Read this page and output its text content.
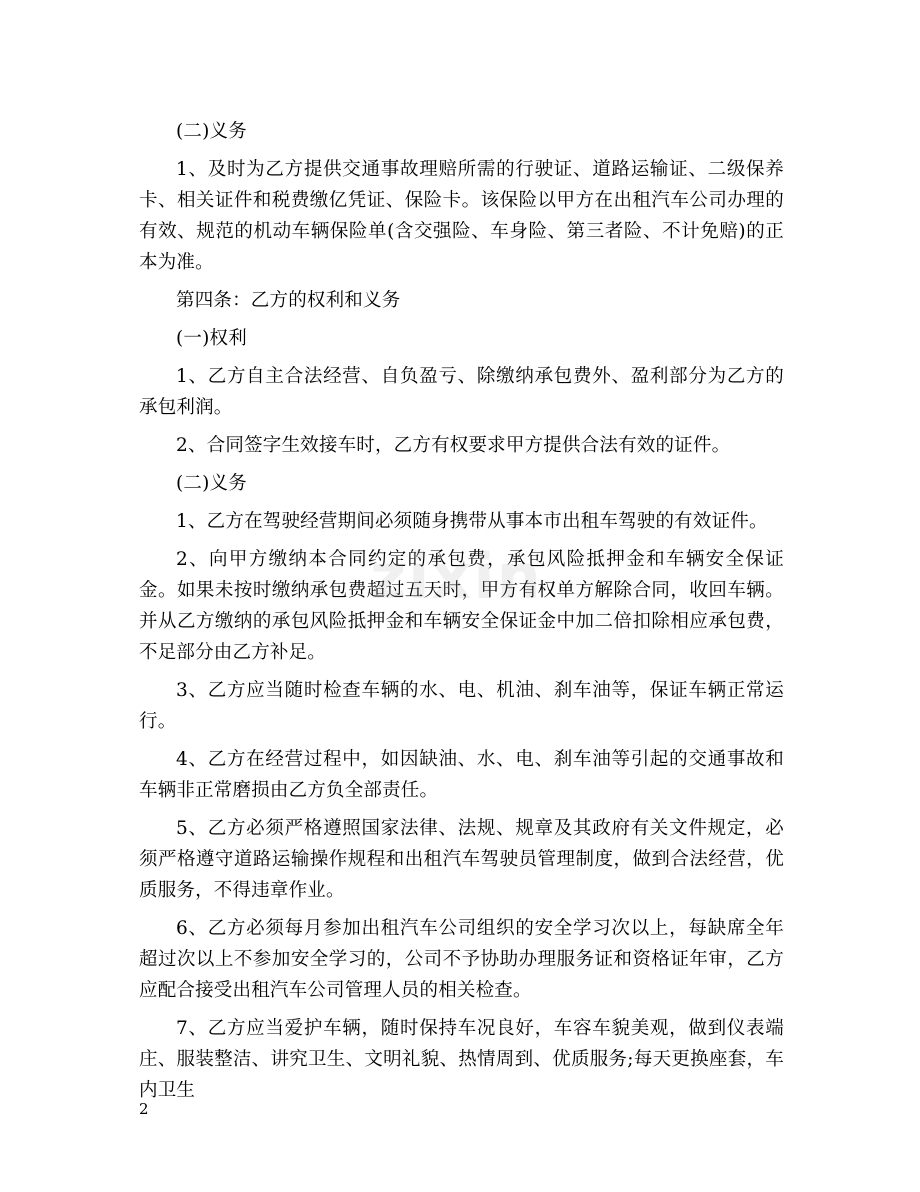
(二)义务

1、及时为乙方提供交通事故理赔所需的行驶证、道路运输证、二级保养卡、相关证件和税费缴亿凭证、保险卡。该保险以甲方在出租汽车公司办理的有效、规范的机动车辆保险单(含交强险、车身险、第三者险、不计免赔)的正本为准。

第四条：乙方的权利和义务

(一)权利

1、乙方自主合法经营、自负盈亏、除缴纳承包费外、盈利部分为乙方的承包利润。

2、合同签字生效接车时，乙方有权要求甲方提供合法有效的证件。

(二)义务

1、乙方在驾驶经营期间必须随身携带从事本市出租车驾驶的有效证件。

2、向甲方缴纳本合同约定的承包费，承包风险抵押金和车辆安全保证金。如果未按时缴纳承包费超过五天时，甲方有权单方解除合同，收回车辆。并从乙方缴纳的承包风险抵押金和车辆安全保证金中加二倍扣除相应承包费，不足部分由乙方补足。

3、乙方应当随时检查车辆的水、电、机油、刹车油等，保证车辆正常运行。

4、乙方在经营过程中，如因缺油、水、电、刹车油等引起的交通事故和车辆非正常磨损由乙方负全部责任。

5、乙方必须严格遵照国家法律、法规、规章及其政府有关文件规定，必须严格遵守道路运输操作规程和出租汽车驾驶员管理制度，做到合法经营，优质服务，不得违章作业。

6、乙方必须每月参加出租汽车公司组织的安全学习次以上，每缺席全年超过次以上不参加安全学习的，公司不予协助办理服务证和资格证年审，乙方应配合接受出租汽车公司管理人员的相关检查。

7、乙方应当爱护车辆，随时保持车况良好，车容车貌美观，做到仪表端庄、服装整洁、讲究卫生、文明礼貌、热情周到、优质服务;每天更换座套，车内卫生

zixin
2
